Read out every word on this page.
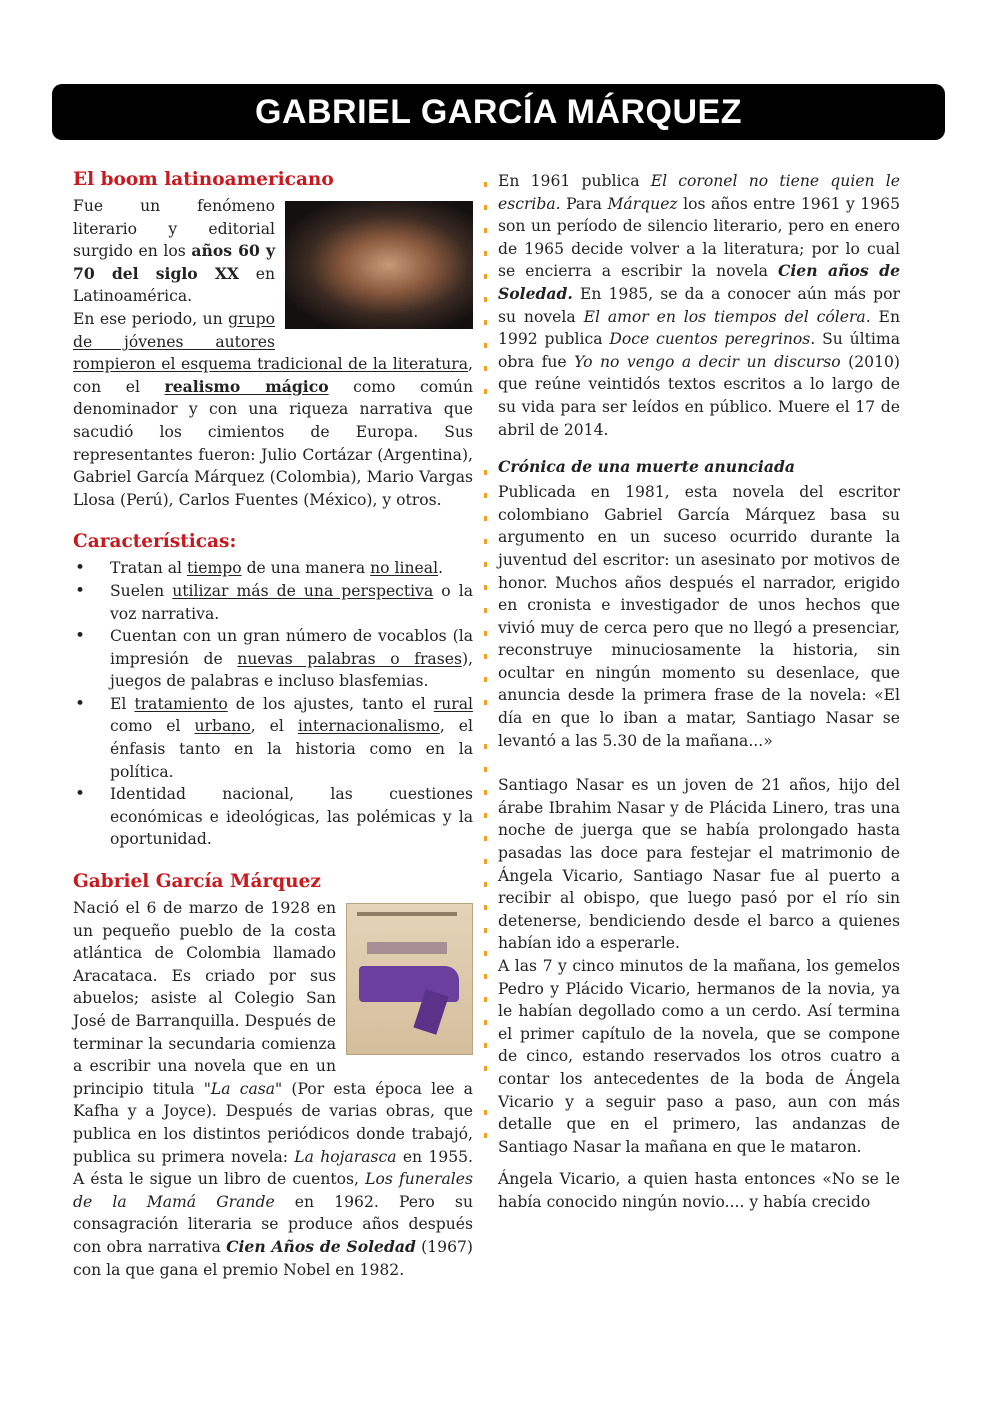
GABRIEL GARCÍA MÁRQUEZ
El boom latinoamericano

Fue un fenómeno literario y editorial surgido en los años 60 y 70 del siglo XX en Latinoamérica.

En ese periodo, un grupo de jóvenes autores rompieron el esquema tradicional de la literatura, con el realismo mágico como común denominador y con una riqueza narrativa que sacudió los cimientos de Europa. Sus representantes fueron: Julio Cortázar (Argentina), Gabriel García Márquez (Colombia), Mario Vargas Llosa (Perú), Carlos Fuentes (México), y otros.

Características:
• Tratan al tiempo de una manera no lineal.
• Suelen utilizar más de una perspectiva o la voz narrativa.
• Cuentan con un gran número de vocablos (la impresión de nuevas palabras o frases), juegos de palabras e incluso blasfemias.
• El tratamiento de los ajustes, tanto el rural como el urbano, el internacionalismo, el énfasis tanto en la historia como en la política.
• Identidad nacional, las cuestiones económicas e ideológicas, las polémicas y la oportunidad.
Gabriel García Márquez

Nació el 6 de marzo de 1928 en un pequeño pueblo de la costa atlántica de Colombia llamado Aracataca. Es criado por sus abuelos; asiste al Colegio San José de Barranquilla. Después de terminar la secundaria comienza a escribir una novela que en un principio titula "La casa" (Por esta época lee a Kafha y a Joyce). Después de varias obras, que publica en los distintos periódicos donde trabajó, publica su primera novela: La hojarasca en 1955. A ésta le sigue un libro de cuentos, Los funerales de la Mamá Grande en 1962. Pero su consagración literaria se produce años después con obra narrativa Cien Años de Soledad (1967) con la que gana el premio Nobel en 1982.

En 1961 publica El coronel no tiene quien le escriba. Para Márquez los años entre 1961 y 1965 son un período de silencio literario, pero en enero de 1965 decide volver a la literatura; por lo cual se encierra a escribir la novela Cien años de Soledad. En 1985, se da a conocer aún más por su novela El amor en los tiempos del cólera. En 1992 publica Doce cuentos peregrinos. Su última obra fue Yo no vengo a decir un discurso (2010) que reúne veintidós textos escritos a lo largo de su vida para ser leídos en público. Muere el 17 de abril de 2014.

Crónica de una muerte anunciada

Publicada en 1981, esta novela del escritor colombiano Gabriel García Márquez basa su argumento en un suceso ocurrido durante la juventud del escritor: un asesinato por motivos de honor. Muchos años después el narrador, erigido en cronista e investigador de unos hechos que vivió muy de cerca pero que no llegó a presenciar, reconstruye minuciosamente la historia, sin ocultar en ningún momento su desenlace, que anuncia desde la primera frase de la novela: «El día en que lo iban a matar, Santiago Nasar se levantó a las 5.30 de la mañana...»

Santiago Nasar es un joven de 21 años, hijo del árabe Ibrahim Nasar y de Plácida Linero, tras una noche de juerga que se había prolongado hasta pasadas las doce para festejar el matrimonio de Ángela Vicario, Santiago Nasar fue al puerto a recibir al obispo, que luego pasó por el río sin detenerse, bendiciendo desde el barco a quienes habían ido a esperarle.

A las 7 y cinco minutos de la mañana, los gemelos Pedro y Plácido Vicario, hermanos de la novia, ya le habían degollado como a un cerdo. Así termina el primer capítulo de la novela, que se compone de cinco, estando reservados los otros cuatro a contar los antecedentes de la boda de Ángela Vicario y a seguir paso a paso, aun con más detalle que en el primero, las andanzas de Santiago Nasar la mañana en que le mataron.

Ángela Vicario, a quien hasta entonces «No se le había conocido ningún novio.... y había crecido
